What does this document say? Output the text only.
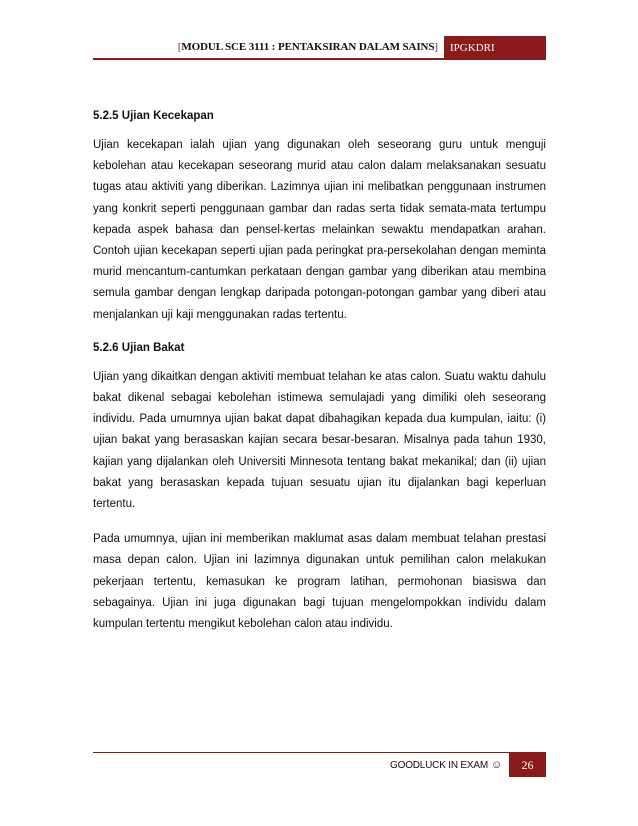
[ MODUL SCE 3111 : PENTAKSIRAN DALAM SAINS ]	IPGKDRI
5.2.5 Ujian Kecekapan

Ujian kecekapan ialah ujian yang digunakan oleh seseorang guru untuk menguji kebolehan atau kecekapan seseorang murid atau calon dalam melaksanakan sesuatu tugas atau aktiviti yang diberikan. Lazimnya ujian ini melibatkan penggunaan instrumen yang konkrit seperti penggunaan gambar dan radas serta tidak semata-mata tertumpu kepada aspek bahasa dan pensel-kertas melainkan sewaktu mendapatkan arahan. Contoh ujian kecekapan seperti ujian pada peringkat pra-persekolahan dengan meminta murid mencantum-cantumkan perkataan dengan gambar yang diberikan atau membina semula gambar dengan lengkap daripada potongan-potongan gambar yang diberi atau menjalankan uji kaji menggunakan radas tertentu.

5.2.6 Ujian Bakat

Ujian yang dikaitkan dengan aktiviti membuat telahan ke atas calon. Suatu waktu dahulu bakat dikenal sebagai kebolehan istimewa semulajadi yang dimiliki oleh seseorang individu. Pada umumnya ujian bakat dapat dibahagikan kepada dua kumpulan, iaitu: (i) ujian bakat yang berasaskan kajian secara besar-besaran. Misalnya pada tahun 1930, kajian yang dijalankan oleh Universiti Minnesota tentang bakat mekanikal; dan (ii) ujian bakat yang berasaskan kepada tujuan sesuatu ujian itu dijalankan bagi keperluan tertentu.

Pada umumnya, ujian ini memberikan maklumat asas dalam membuat telahan prestasi masa depan calon. Ujian ini lazimnya digunakan untuk pemilihan calon melakukan pekerjaan tertentu, kemasukan ke program latihan, permohonan biasiswa dan sebagainya. Ujian ini juga digunakan bagi tujuan mengelompokkan individu dalam kumpulan tertentu mengikut kebolehan calon atau individu.

GOODLUCK IN EXAM ☺	26
